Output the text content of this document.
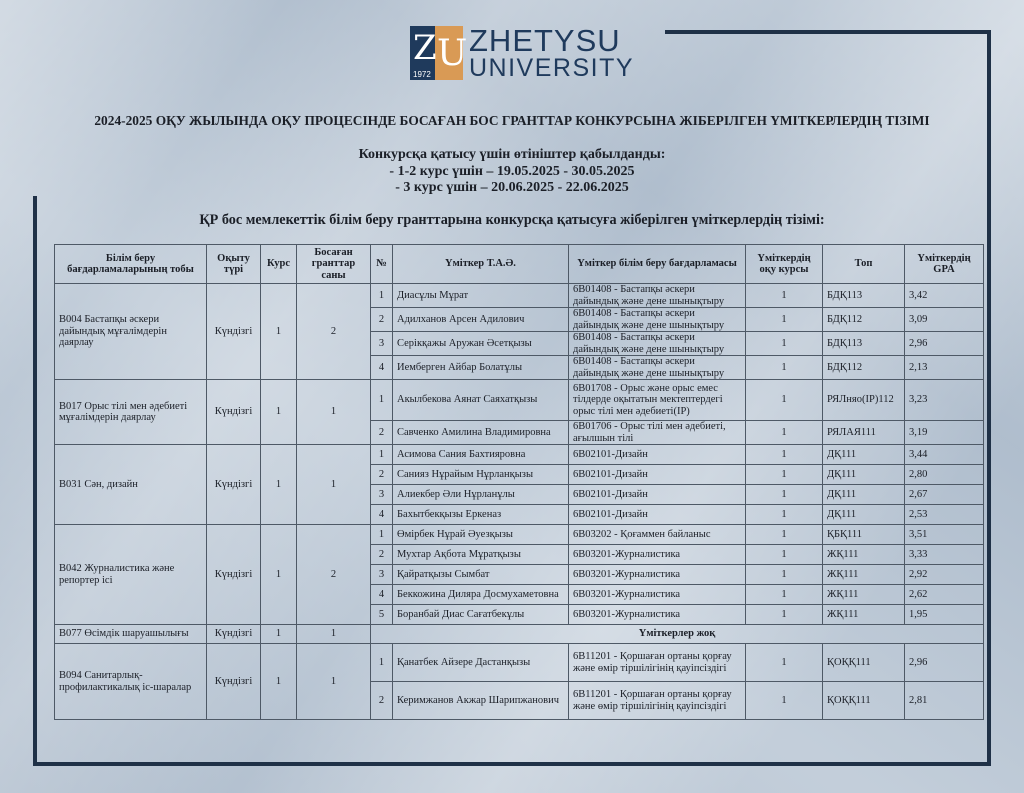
Z U
1972
ZHETYSU
UNIVERSITY
2024-2025 ОҚУ ЖЫЛЫНДА ОҚУ ПРОЦЕСІНДЕ БОСАҒАН БОС ГРАНТТАР КОНКУРСЫНА ЖІБЕРІЛГЕН ҮМІТКЕРЛЕРДІҢ ТІЗІМІ
Конкурсқа қатысу үшін өтініштер қабылданды:
- 1-2 курс үшін – 19.05.2025 - 30.05.2025
- 3 курс үшін – 20.06.2025 - 22.06.2025
ҚР бос мемлекеттік білім беру гранттарына конкурсқа қатысуға жіберілген үміткерлердің тізімі:
Білім беру бағдарламаларының тобы	Оқыту түрі	Курс	Босаған гранттар саны	№	Үміткер Т.А.Ә.	Үміткер білім беру бағдарламасы	Үміткердің оқу курсы	Топ	Үміткердің GPA
В004 Бастапқы әскери дайындық мұғалімдерін даярлау	Күндізгі	1	2	1	Диасұлы Мұрат	6В01408 - Бастапқы әскери дайындық және дене шынықтыру	1	БДҚ113	3,42
				2	Адилханов Арсен Адилович	6В01408 - Бастапқы әскери дайындық және дене шынықтыру	1	БДҚ112	3,09
				3	Серікқажы Аружан Әсетқызы	6В01408 - Бастапқы әскери дайындық және дене шынықтыру	1	БДҚ113	2,96
				4	Иемберген Айбар Болатұлы	6В01408 - Бастапқы әскери дайындық және дене шынықтыру	1	БДҚ112	2,13
В017 Орыс тілі мен әдебиеті мұғалімдерін даярлау	Күндізгі	1	1	1	Акылбекова Аянат Саяхатқызы	6В01708 - Орыс және орыс емес тілдерде оқытатын мектептердегі орыс тілі мен әдебиеті(IP)	1	РЯЛняо(IP)112	3,23
				2	Савченко Амилина Владимировна	6В01706 - Орыс тілі мен әдебиеті, ағылшын тілі	1	РЯЛАЯ111	3,19
В031 Сән, дизайн	Күндізгі	1	1	1	Асимова Сания Бахтияровна	6В02101-Дизайн	1	ДҚ111	3,44
				2	Санияз Нұрайым Нұрланқызы	6В02101-Дизайн	1	ДҚ111	2,80
				3	Алиекбер Әли Нұрланұлы	6В02101-Дизайн	1	ДҚ111	2,67
				4	Бахытбекқызы Еркеназ	6В02101-Дизайн	1	ДҚ111	2,53
В042 Журналистика және репортер ісі	Күндізгі	1	2	1	Өмірбек Нұрай Әуезқызы	6В03202 - Қоғаммен байланыс	1	ҚБҚ111	3,51
				2	Мухтар Ақбота Мұратқызы	6В03201-Журналистика	1	ЖҚ111	3,33
				3	Қайратқызы Сымбат	6В03201-Журналистика	1	ЖҚ111	2,92
				4	Беккожина Диляра Досмухаметовна	6В03201-Журналистика	1	ЖҚ111	2,62
				5	Боранбай Диас Сағатбекұлы	6В03201-Журналистика	1	ЖҚ111	1,95
В077 Өсімдік шаруашылығы	Күндізгі	1	1	Үміткерлер жоқ					
В094 Санитарлық-профилактикалық іс-шаралар	Күндізгі	1	1	1	Қанатбек Айзере Дастанқызы	6В11201 - Қоршаған ортаны қорғау және өмір тіршілігінің қауіпсіздігі	1	ҚОҚҚ111	2,96
				2	Керимжанов Акжар Шарипжанович	6В11201 - Қоршаған ортаны қорғау және өмір тіршілігінің қауіпсіздігі	1	ҚОҚҚ111	2,81
